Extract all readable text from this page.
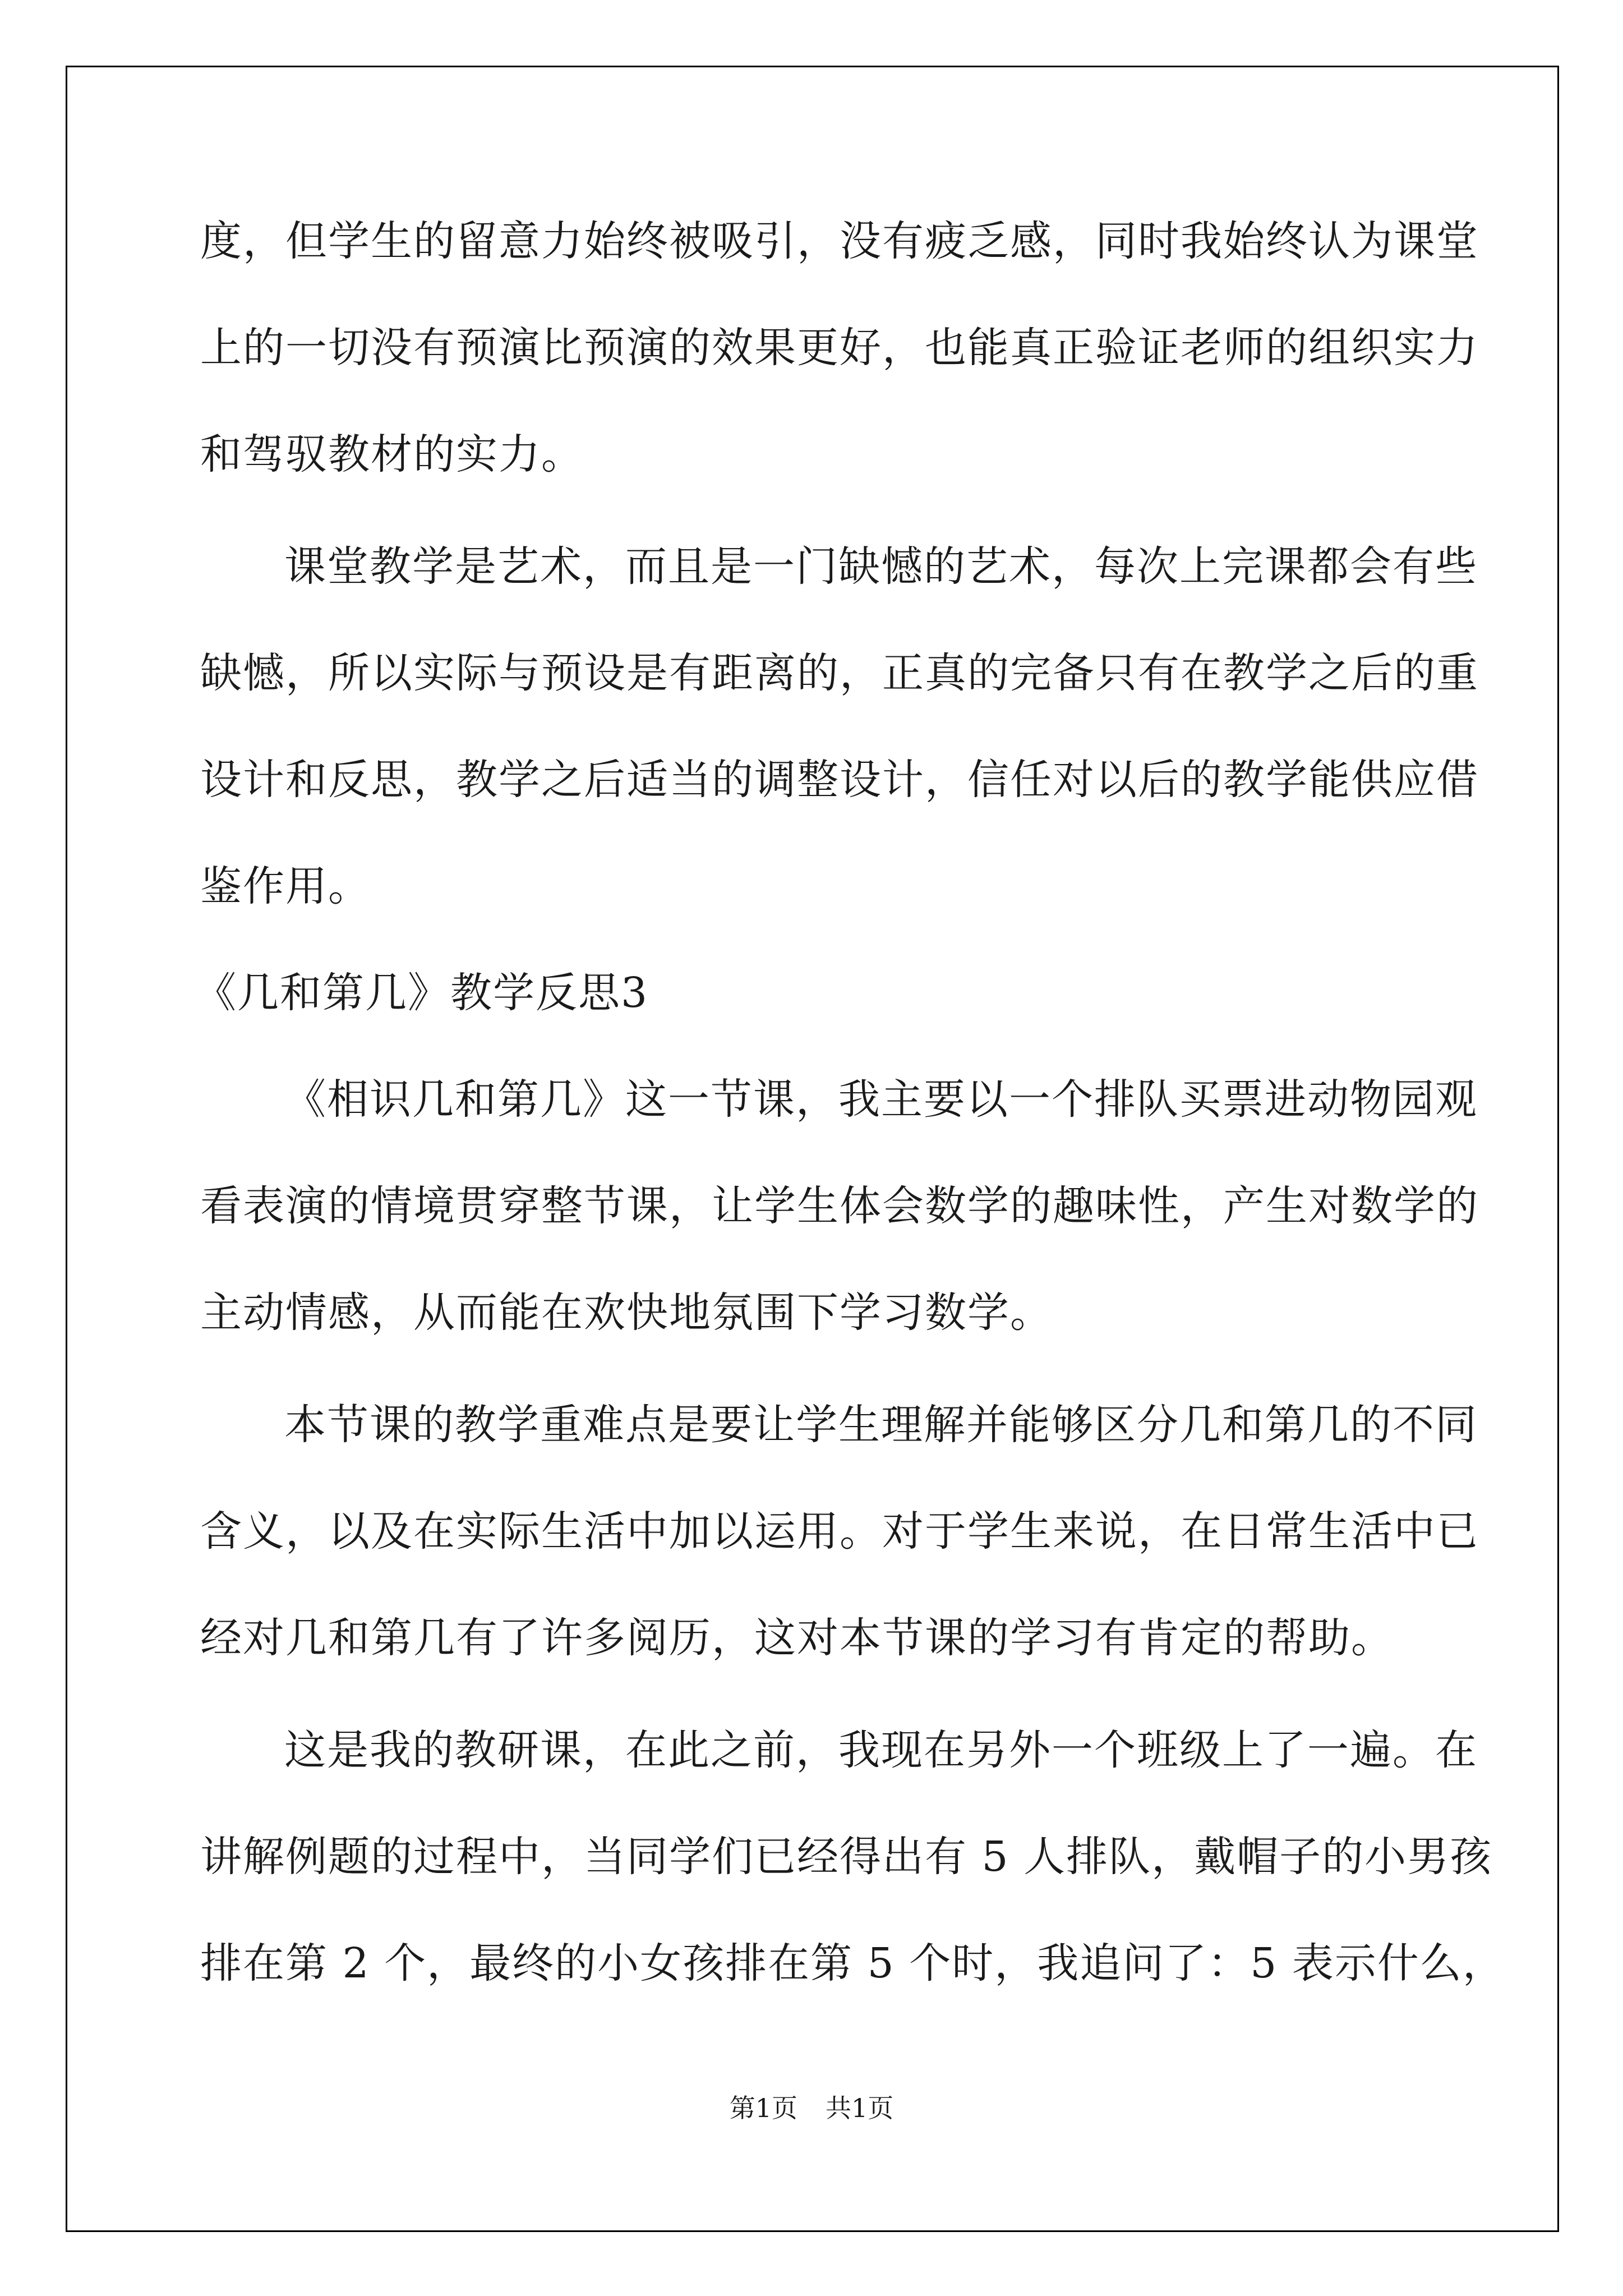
度，但学生的留意力始终被吸引，没有疲乏感，同时我始终认为课堂
上的一切没有预演比预演的效果更好，也能真正验证老师的组织实力
和驾驭教材的实力。
课堂教学是艺术，而且是一门缺憾的艺术，每次上完课都会有些
缺憾，所以实际与预设是有距离的，正真的完备只有在教学之后的重
设计和反思，教学之后适当的调整设计，信任对以后的教学能供应借
鉴作用。
《几和第几》教学反思3
《相识几和第几》这一节课，我主要以一个排队买票进动物园观
看表演的情境贯穿整节课，让学生体会数学的趣味性，产生对数学的
主动情感，从而能在欢快地氛围下学习数学。
本节课的教学重难点是要让学生理解并能够区分几和第几的不同
含义，以及在实际生活中加以运用。对于学生来说，在日常生活中已
经对几和第几有了许多阅历，这对本节课的学习有肯定的帮助。
这是我的教研课，在此之前，我现在另外一个班级上了一遍。在
讲解例题的过程中，当同学们已经得出有 5 人排队，戴帽子的小男孩
排在第 2 个，最终的小女孩排在第 5 个时，我追问了：5 表示什么，
第1页 共1页
